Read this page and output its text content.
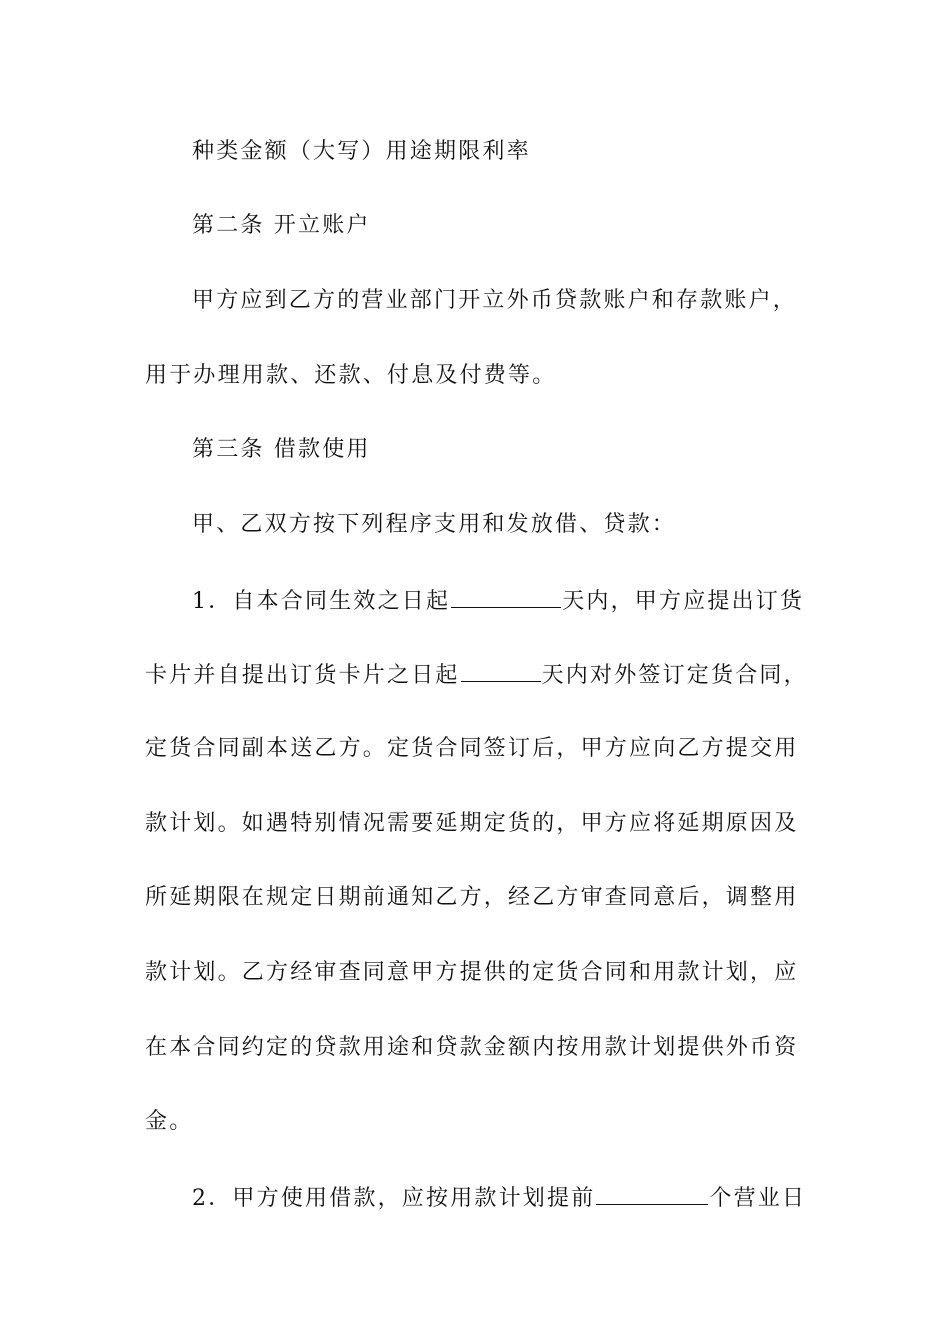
种类金额（大写）用途期限利率
第二条 开立账户
甲方应到乙方的营业部门开立外币贷款账户和存款账户，
用于办理用款、还款、付息及付费等。
第三条 借款使用
甲、乙双方按下列程序支用和发放借、贷款：
1．自本合同生效之日起	天内，甲方应提出订货
卡片并自提出订货卡片之日起	天内对外签订定货合同，
定货合同副本送乙方。定货合同签订后，甲方应向乙方提交用
款计划。如遇特别情况需要延期定货的，甲方应将延期原因及
所延期限在规定日期前通知乙方，经乙方审查同意后，调整用
款计划。乙方经审查同意甲方提供的定货合同和用款计划，应
在本合同约定的贷款用途和贷款金额内按用款计划提供外币资
金。
2．甲方使用借款，应按用款计划提前	个营业日
